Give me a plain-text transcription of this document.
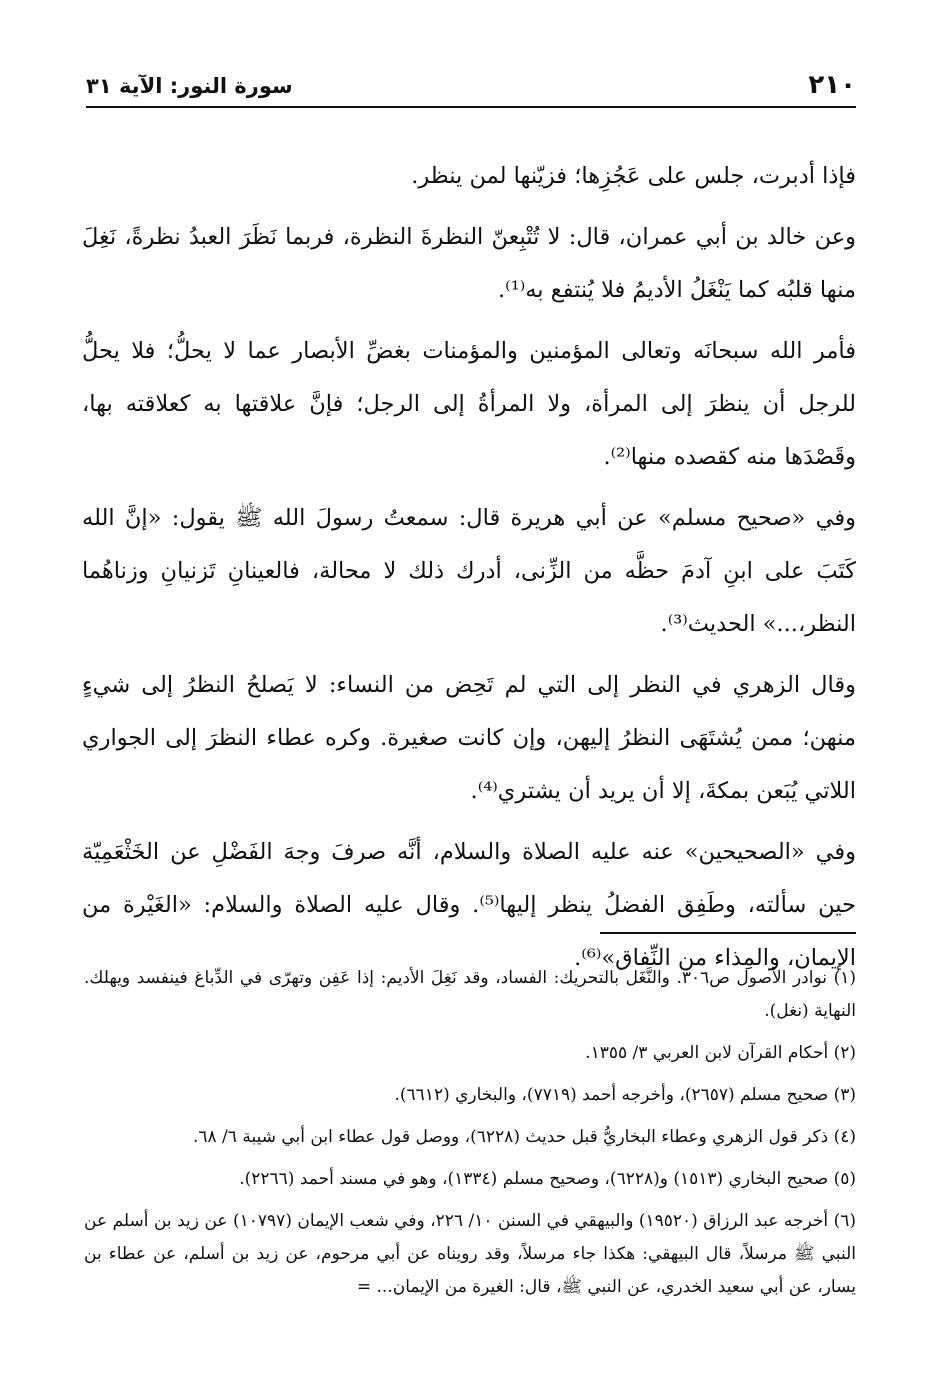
٢١٠
سورة النور: الآية ٣١

فإذا أدبرت، جلس على عَجُزِها؛ فزيّنها لمن ينظر.

وعن خالد بن أبي عمران، قال: لا تُتْبِعنّ النظرةَ النظرة، فربما نَظَرَ العبدُ نظرةً، نَغِلَ منها قلبُه كما يَنْغَلُ الأديمُ فلا يُنتفع به⁽¹⁾.

فأمر الله سبحانَه وتعالى المؤمنين والمؤمنات بغضِّ الأبصار عما لا يحلُّ؛ فلا يحلُّ للرجل أن ينظرَ إلى المرأة، ولا المرأةُ إلى الرجل؛ فإنَّ علاقتها به كعلاقته بها، وقَصْدَها منه كقصده منها⁽²⁾.

وفي «صحيح مسلم» عن أبي هريرة قال: سمعتُ رسولَ الله ﷺ يقول: «إنَّ الله كَتَبَ على ابنِ آدمَ حظَّه من الزِّنى، أدرك ذلك لا محالة، فالعينانِ تَزنيانِ وزناهُما النظر،...» الحديث⁽³⁾.

وقال الزهري في النظر إلى التي لم تَحِض من النساء: لا يَصلحُ النظرُ إلى شيءٍ منهن؛ ممن يُشتَهَى النظرُ إليهن، وإن كانت صغيرة. وكره عطاء النظرَ إلى الجواري اللاتي يُبَعن بمكةَ، إلا أن يريد أن يشتري⁽⁴⁾.

وفي «الصحيحين» عنه عليه الصلاة والسلام، أنَّه صرفَ وجهَ الفَضْلِ عن الخَثْعَمِيّة حين سألته، وطَفِق الفضلُ ينظر إليها⁽⁵⁾. وقال عليه الصلاة والسلام: «الغَيْرة من الإيمان، والمِذاء من النِّفاق»⁽⁶⁾.

(١) نوادر الأصول ص٣٠٦. والنَّغَل بالتحريك: الفساد، وقد نَغِلَ الأديم: إذا عَفِن وتهرّى في الدِّباغ فينفسد ويهلك. النهاية (نغل).

(٢) أحكام القرآن لابن العربي ٣/ ١٣٥٥.

(٣) صحيح مسلم (٢٦٥٧)، وأخرجه أحمد (٧٧١٩)، والبخاري (٦٦١٢).

(٤) ذكر قول الزهري وعطاء البخاريُّ قبل حديث (٦٢٢٨)، ووصل قول عطاء ابن أبي شيبة ٦/ ٦٨.

(٥) صحيح البخاري (١٥١٣) و(٦٢٢٨)، وصحيح مسلم (١٣٣٤)، وهو في مسند أحمد (٢٢٦٦).

(٦) أخرجه عبد الرزاق (١٩٥٢٠) والبيهقي في السنن ١٠/ ٢٢٦، وفي شعب الإيمان (١٠٧٩٧) عن زيد بن أسلم عن النبي ﷺ مرسلاً، قال البيهقي: هكذا جاء مرسلاً، وقد رويناه عن أبي مرحوم، عن زيد بن أسلم، عن عطاء بن يسار، عن أبي سعيد الخدري، عن النبي ﷺ، قال: الغيرة من الإيمان... =
